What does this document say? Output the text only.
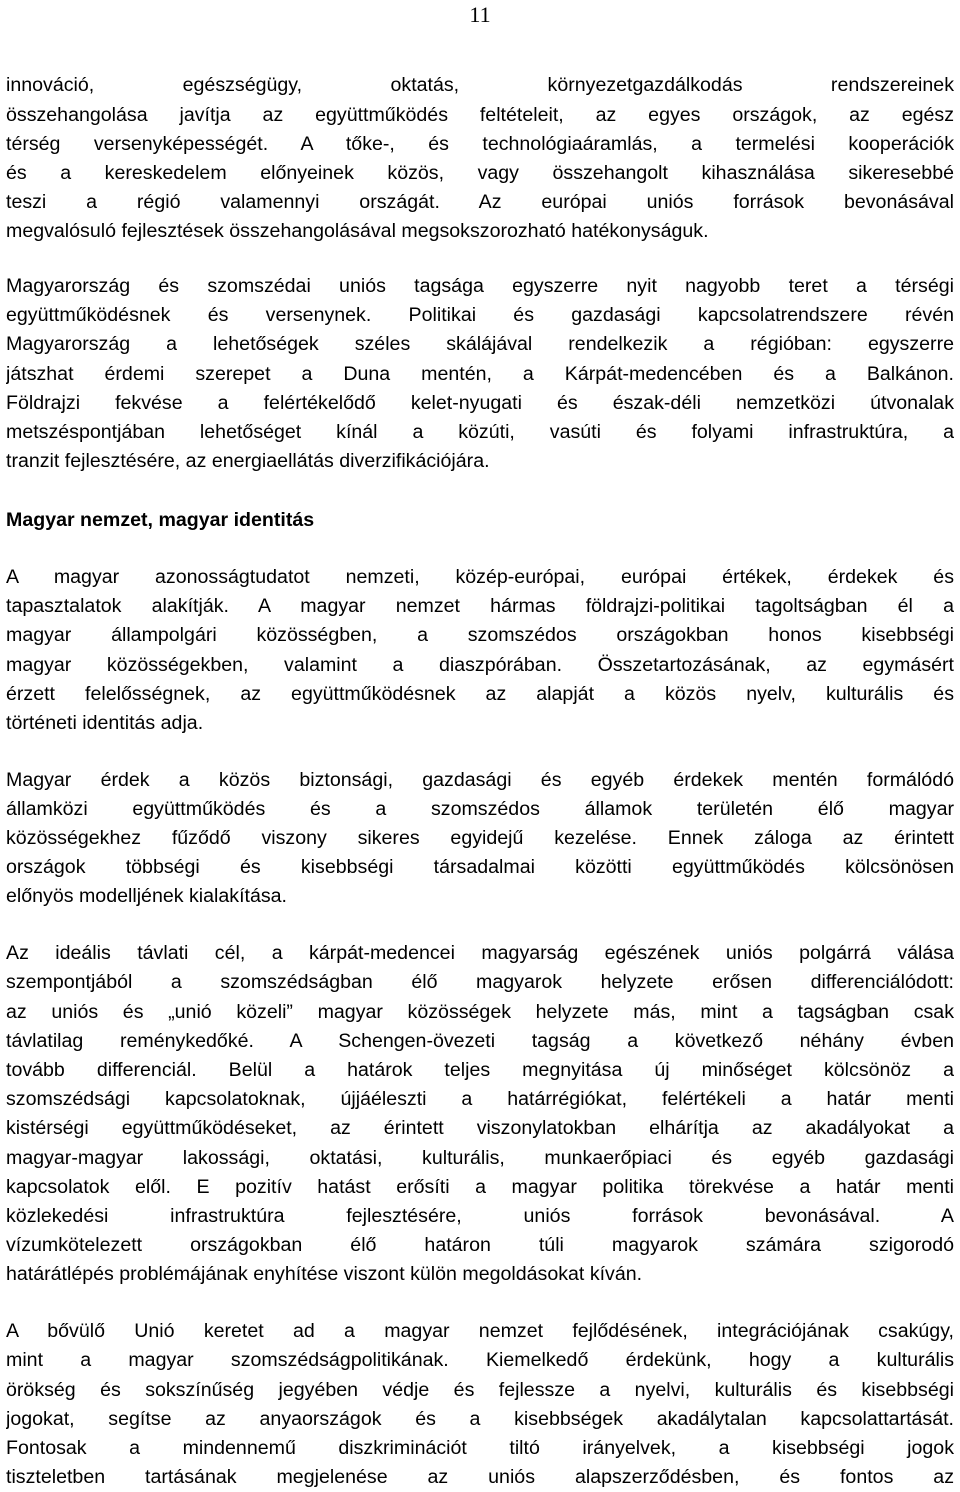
11
innováció, egészségügy, oktatás, környezetgazdálkodás rendszereinek
összehangolása javítja az együttműködés feltételeit, az egyes országok, az egész
térség versenyképességét. A tőke-, és technológiaáramlás, a termelési kooperációk
és a kereskedelem előnyeinek közös, vagy összehangolt kihasználása sikeresebbé
teszi a régió valamennyi országát. Az európai uniós források bevonásával
megvalósuló fejlesztések összehangolásával megsokszorozható hatékonyságuk.
Magyarország és szomszédai uniós tagsága egyszerre nyit nagyobb teret a térségi
együttműködésnek és versenynek. Politikai és gazdasági kapcsolatrendszere révén
Magyarország a lehetőségek széles skálájával rendelkezik a régióban: egyszerre
játszhat érdemi szerepet a Duna mentén, a Kárpát-medencében és a Balkánon.
Földrajzi fekvése a felértékelődő kelet-nyugati és észak-déli nemzetközi útvonalak
metszéspontjában lehetőséget kínál a közúti, vasúti és folyami infrastruktúra, a
tranzit fejlesztésére, az energiaellátás diverzifikációjára.
Magyar nemzet, magyar identitás
A magyar azonosságtudatot nemzeti, közép-európai, európai értékek, érdekek és
tapasztalatok alakítják. A magyar nemzet hármas földrajzi-politikai tagoltságban él a
magyar állampolgári közösségben, a szomszédos országokban honos kisebbségi
magyar közösségekben, valamint a diaszpórában. Összetartozásának, az egymásért
érzett felelősségnek, az együttműködésnek az alapját a közös nyelv, kulturális és
történeti identitás adja.
Magyar érdek a közös biztonsági, gazdasági és egyéb érdekek mentén formálódó
államközi együttműködés és a szomszédos államok területén élő magyar
közösségekhez fűződő viszony sikeres egyidejű kezelése. Ennek záloga az érintett
országok többségi és kisebbségi társadalmai közötti együttműködés kölcsönösen
előnyös modelljének kialakítása.
Az ideális távlati cél, a kárpát-medencei magyarság egészének uniós polgárrá válása
szempontjából a szomszédságban élő magyarok helyzete erősen differenciálódott:
az uniós és „unió közeli” magyar közösségek helyzete más, mint a tagságban csak
távlatilag reménykedőké. A Schengen-övezeti tagság a következő néhány évben
tovább differenciál. Belül a határok teljes megnyitása új minőséget kölcsönöz a
szomszédsági kapcsolatoknak, újjáéleszti a határrégiókat, felértékeli a határ menti
kistérségi együttműködéseket, az érintett viszonylatokban elhárítja az akadályokat a
magyar-magyar lakossági, oktatási, kulturális, munkaerőpiaci és egyéb gazdasági
kapcsolatok elől. E pozitív hatást erősíti a magyar politika törekvése a határ menti
közlekedési infrastruktúra fejlesztésére, uniós források bevonásával. A
vízumkötelezett országokban élő határon túli magyarok számára szigorodó
határátlépés problémájának enyhítése viszont külön megoldásokat kíván.
A bővülő Unió keretet ad a magyar nemzet fejlődésének, integrációjának csakúgy,
mint a magyar szomszédságpolitikának. Kiemelkedő érdekünk, hogy a kulturális
örökség és sokszínűség jegyében védje és fejlessze a nyelvi, kulturális és kisebbségi
jogokat, segítse az anyaországok és a kisebbségek akadálytalan kapcsolattartását.
Fontosak a mindennemű diszkriminációt tiltó irányelvek, a kisebbségi jogok
tiszteletben tartásának megjelenése az uniós alapszerződésben, és fontos az
